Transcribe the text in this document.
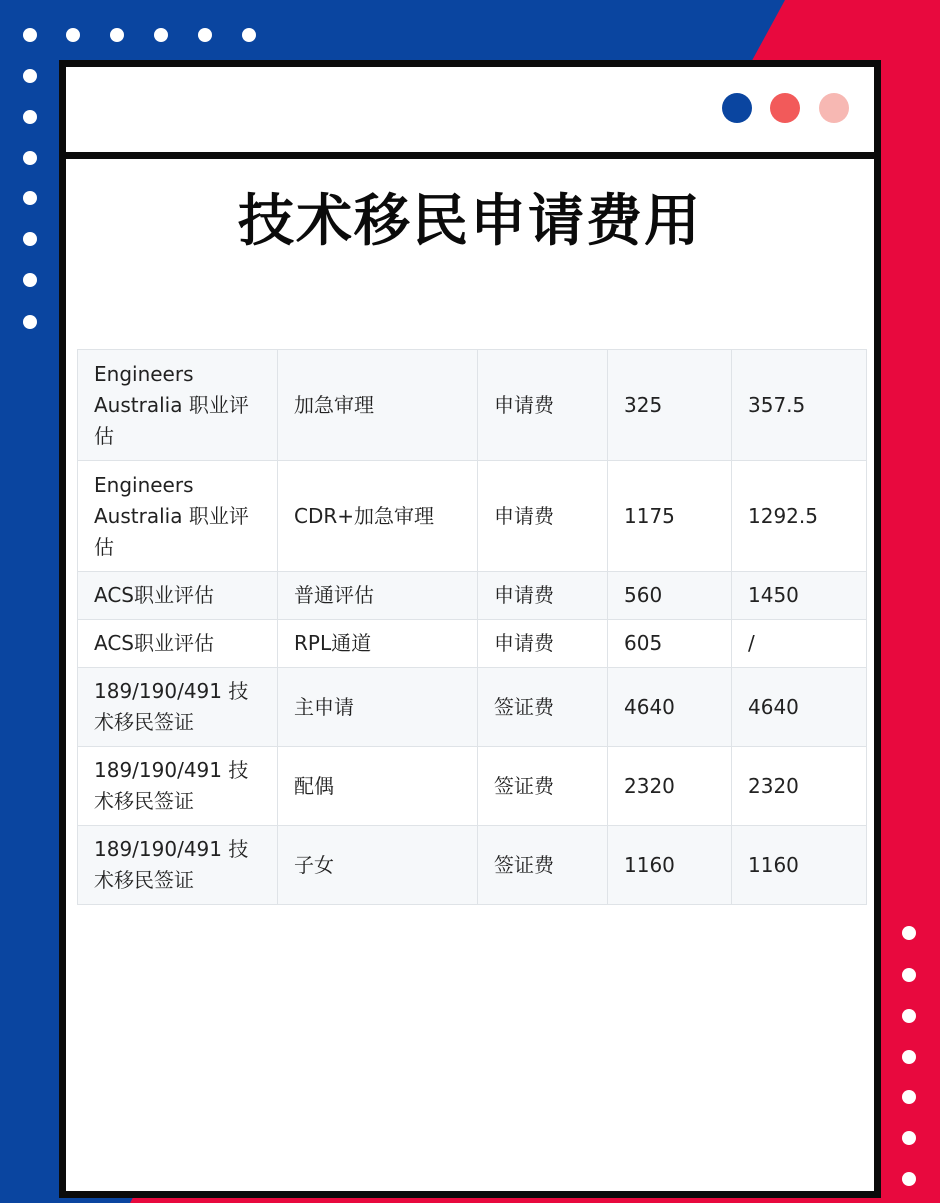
技术移民申请费用
Engineers Australia 职业评估	加急审理	申请费	325	357.5
Engineers Australia 职业评估	CDR+加急审理	申请费	1175	1292.5
ACS职业评估	普通评估	申请费	560	1450
ACS职业评估	RPL通道	申请费	605	/
189/190/491 技术移民签证	主申请	签证费	4640	4640
189/190/491 技术移民签证	配偶	签证费	2320	2320
189/190/491 技术移民签证	子女	签证费	1160	1160
